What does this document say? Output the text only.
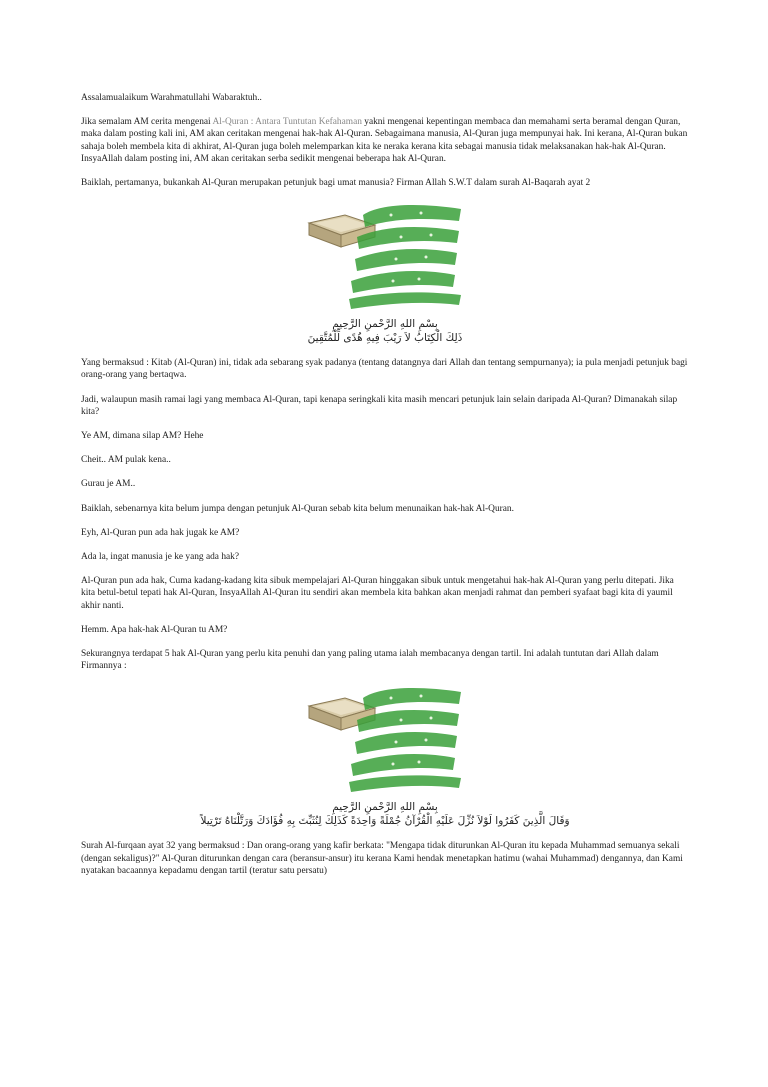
Assalamualaikum Warahmatullahi Wabaraktuh..

Jika semalam AM cerita mengenai Al-Quran : Antara Tuntutan Kefahaman yakni mengenai kepentingan membaca dan memahami serta beramal dengan Quran, maka dalam posting kali ini, AM akan ceritakan mengenai hak-hak Al-Quran. Sebagaimana manusia, Al-Quran juga mempunyai hak. Ini kerana, Al-Quran bukan sahaja boleh membela kita di akhirat, Al-Quran juga boleh melemparkan kita ke neraka kerana kita sebagai manusia tidak melaksanakan hak-hak Al-Quran. InsyaAllah dalam posting ini, AM akan ceritakan serba sedikit mengenai beberapa hak Al-Quran.

Baiklah, pertamanya, bukankah Al-Quran merupakan petunjuk bagi umat manusia? Firman Allah S.W.T dalam surah Al-Baqarah ayat 2

بِسْمِ اللهِ الرَّحْمنِ الرَّحِيمِ

ذَلِكَ الْكِتَابُ لاَ رَيْبَ فِيهِ هُدًى لِّلْمُتَّقِينَ

Yang bermaksud : Kitab (Al-Quran) ini, tidak ada sebarang syak padanya (tentang datangnya dari Allah dan tentang sempurnanya); ia pula menjadi petunjuk bagi orang-orang yang bertaqwa.

Jadi, walaupun masih ramai lagi yang membaca Al-Quran, tapi kenapa seringkali kita masih mencari petunjuk lain selain daripada Al-Quran? Dimanakah silap kita?

Ye AM, dimana silap AM? Hehe

Cheit.. AM pulak kena..

Gurau je AM..

Baiklah, sebenarnya kita belum jumpa dengan petunjuk Al-Quran sebab kita belum menunaikan hak-hak Al-Quran.

Eyh, Al-Quran pun ada hak jugak ke AM?

Ada la, ingat manusia je ke yang ada hak?

Al-Quran pun ada hak, Cuma kadang-kadang kita sibuk mempelajari Al-Quran hinggakan sibuk untuk mengetahui hak-hak Al-Quran yang perlu ditepati. Jika kita betul-betul tepati hak Al-Quran, InsyaAllah Al-Quran itu sendiri akan membela kita bahkan akan menjadi rahmat dan pemberi syafaat bagi kita di yaumil akhir nanti.

Hemm. Apa hak-hak Al-Quran tu AM?

Sekurangnya terdapat 5 hak Al-Quran yang perlu kita penuhi dan yang paling utama ialah membacanya dengan tartil. Ini adalah tuntutan dari Allah dalam Firmannya :

بِسْمِ اللهِ الرَّحْمنِ الرَّحِيمِ

وَقَالَ الَّذِينَ كَفَرُوا لَوْلاَ نُزِّلَ عَلَيْهِ الْقُرْآنُ جُمْلَةً وَاحِدَةً كَذَلِكَ لِنُثَبِّتَ بِهِ فُؤَادَكَ وَرَتَّلْنَاهُ تَرْتِيلاً

Surah Al-furqaan ayat 32 yang bermaksud : Dan orang-orang yang kafir berkata: "Mengapa tidak diturunkan Al-Quran itu kepada Muhammad semuanya sekali (dengan sekaligus)?" Al-Quran diturunkan dengan cara (beransur-ansur) itu kerana Kami hendak menetapkan hatimu (wahai Muhammad) dengannya, dan Kami nyatakan bacaannya kepadamu dengan tartil (teratur satu persatu)
